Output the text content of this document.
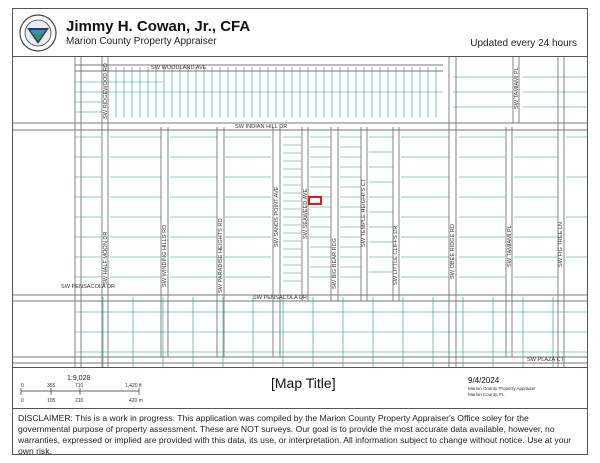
Jimmy H. Cowan, Jr., CFA
Marion County Property Appraiser	Updated every 24 hours
SW WOODLAND AVE
SW RIDGEWOOD RD	SW TAMIAMI PL
SW INDIAN HILL DR
SW HALF MOON DR	SW WINDING HILLS RD	SW PARADISE HEIGHTS RD
SW SANDS POINT AVE	SW SEAWEED AVE
SW BIG BEAR RDG
SW TEMPLE HEIGHTS CT
SW LITTLE CLIFFS DR	SW OBEE RIDGE RD	SW TAMIAMI PL	SW FIG TREE LN
SW PENSACOLA DR
SW PENSACOLA DR
SW PLAZA CT
1:9,028
0	355	710	1,420 ft
0	105	210	420 m
[Map Title]	9/4/2024
Marion County Property Appraiser
Marion County, FL
DISCLAIMER: This is a work in progress. This application was compiled by the Marion County Property Appraiser's Office soley for the governmental purpose of property assessment. These are NOT surveys. Our goal is to provide the most accurate data available, however, no warranties, expressed or implied are provided with this data, its use, or interpretation. All information subject to change without notice. Use at your own risk.
